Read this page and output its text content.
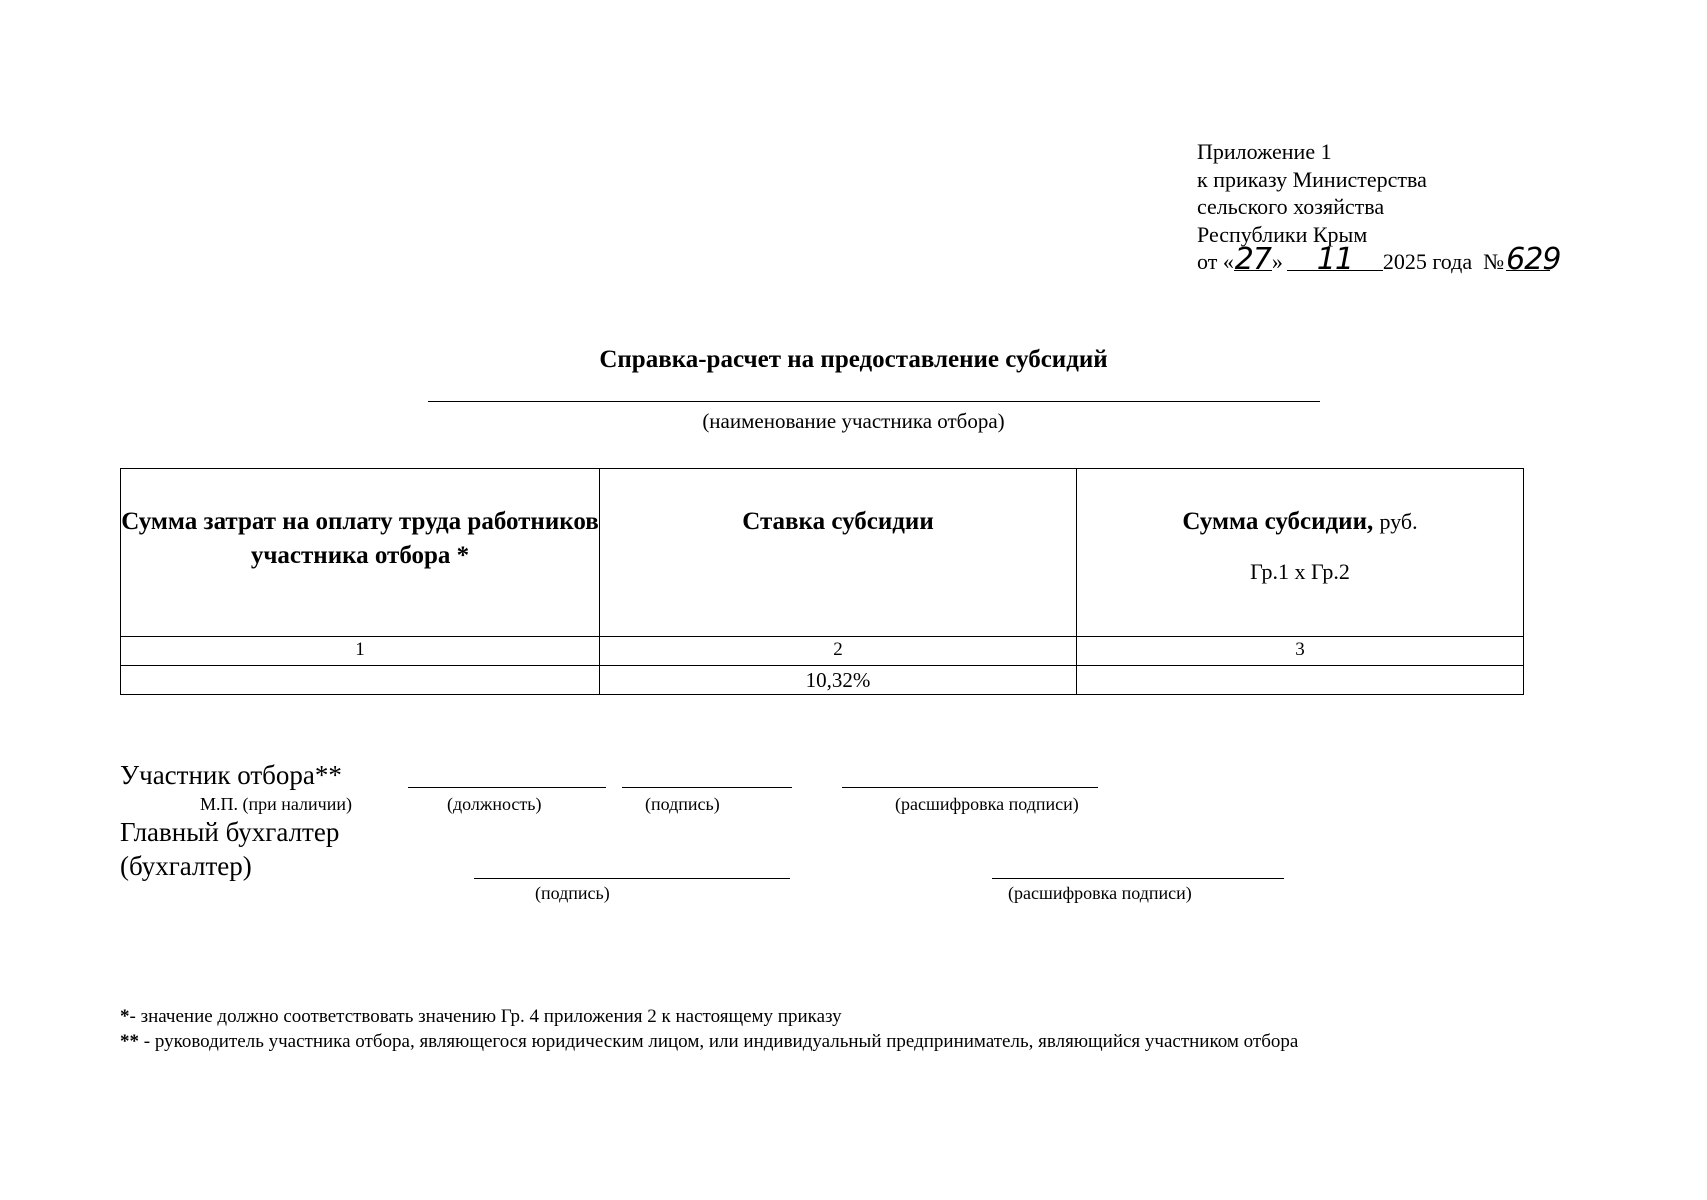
Приложение 1
к приказу Министерства
сельского хозяйства
Республики Крым
от «27» 11 2025 года №629
Справка-расчет на предоставление субсидий
(наименование участника отбора)
Сумма затрат на оплату труда работников участника отбора *	Ставка субсидии	Сумма субсидии, руб.
Гр.1 х Гр.2

1	2	3
	10,32%	
Участник отбора**
М.П. (при наличии)	(должность)	(подпись)	(расшифровка подписи)
Главный бухгалтер
(бухгалтер)
(подпись)	(расшифровка подписи)
*- значение должно соответствовать значению Гр. 4 приложения 2 к настоящему приказу
** - руководитель участника отбора, являющегося юридическим лицом, или индивидуальный предприниматель, являющийся участником отбора
